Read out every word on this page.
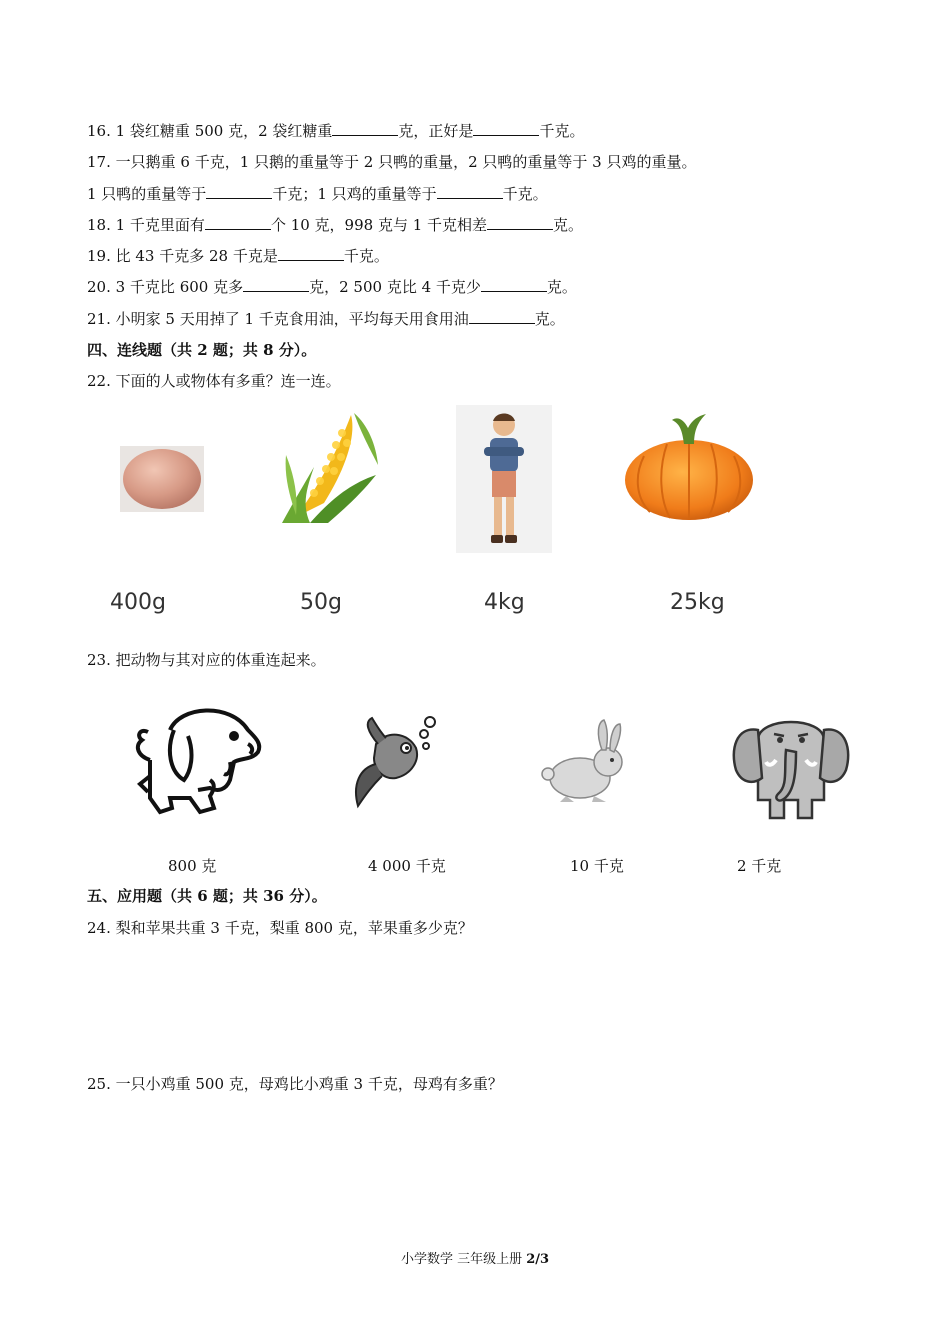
16. 1 袋红糖重 500 克，2 袋红糖重	克，正好是	千克。
17. 一只鹅重 6 千克，1 只鹅的重量等于 2 只鸭的重量，2 只鸭的重量等于 3 只鸡的重量。
1 只鸭的重量等于	千克；1 只鸡的重量等于	千克。
18. 1 千克里面有	个 10 克，998 克与 1 千克相差	克。
19. 比 43 千克多 28 千克是	千克。
20. 3 千克比 600 克多	克，2 500 克比 4 千克少	克。
21. 小明家 5 天用掉了 1 千克食用油，平均每天用食用油	克。
四、连线题（共 2 题；共 8 分）。
22. 下面的人或物体有多重？连一连。
400g	50g	4kg	25kg
23. 把动物与其对应的体重连起来。
800 克	4 000 千克	10 千克	2 千克
五、应用题（共 6 题；共 36 分）。
24. 梨和苹果共重 3 千克，梨重 800 克，苹果重多少克？
25. 一只小鸡重 500 克，母鸡比小鸡重 3 千克，母鸡有多重？
小学数学 三年级上册 2/3
